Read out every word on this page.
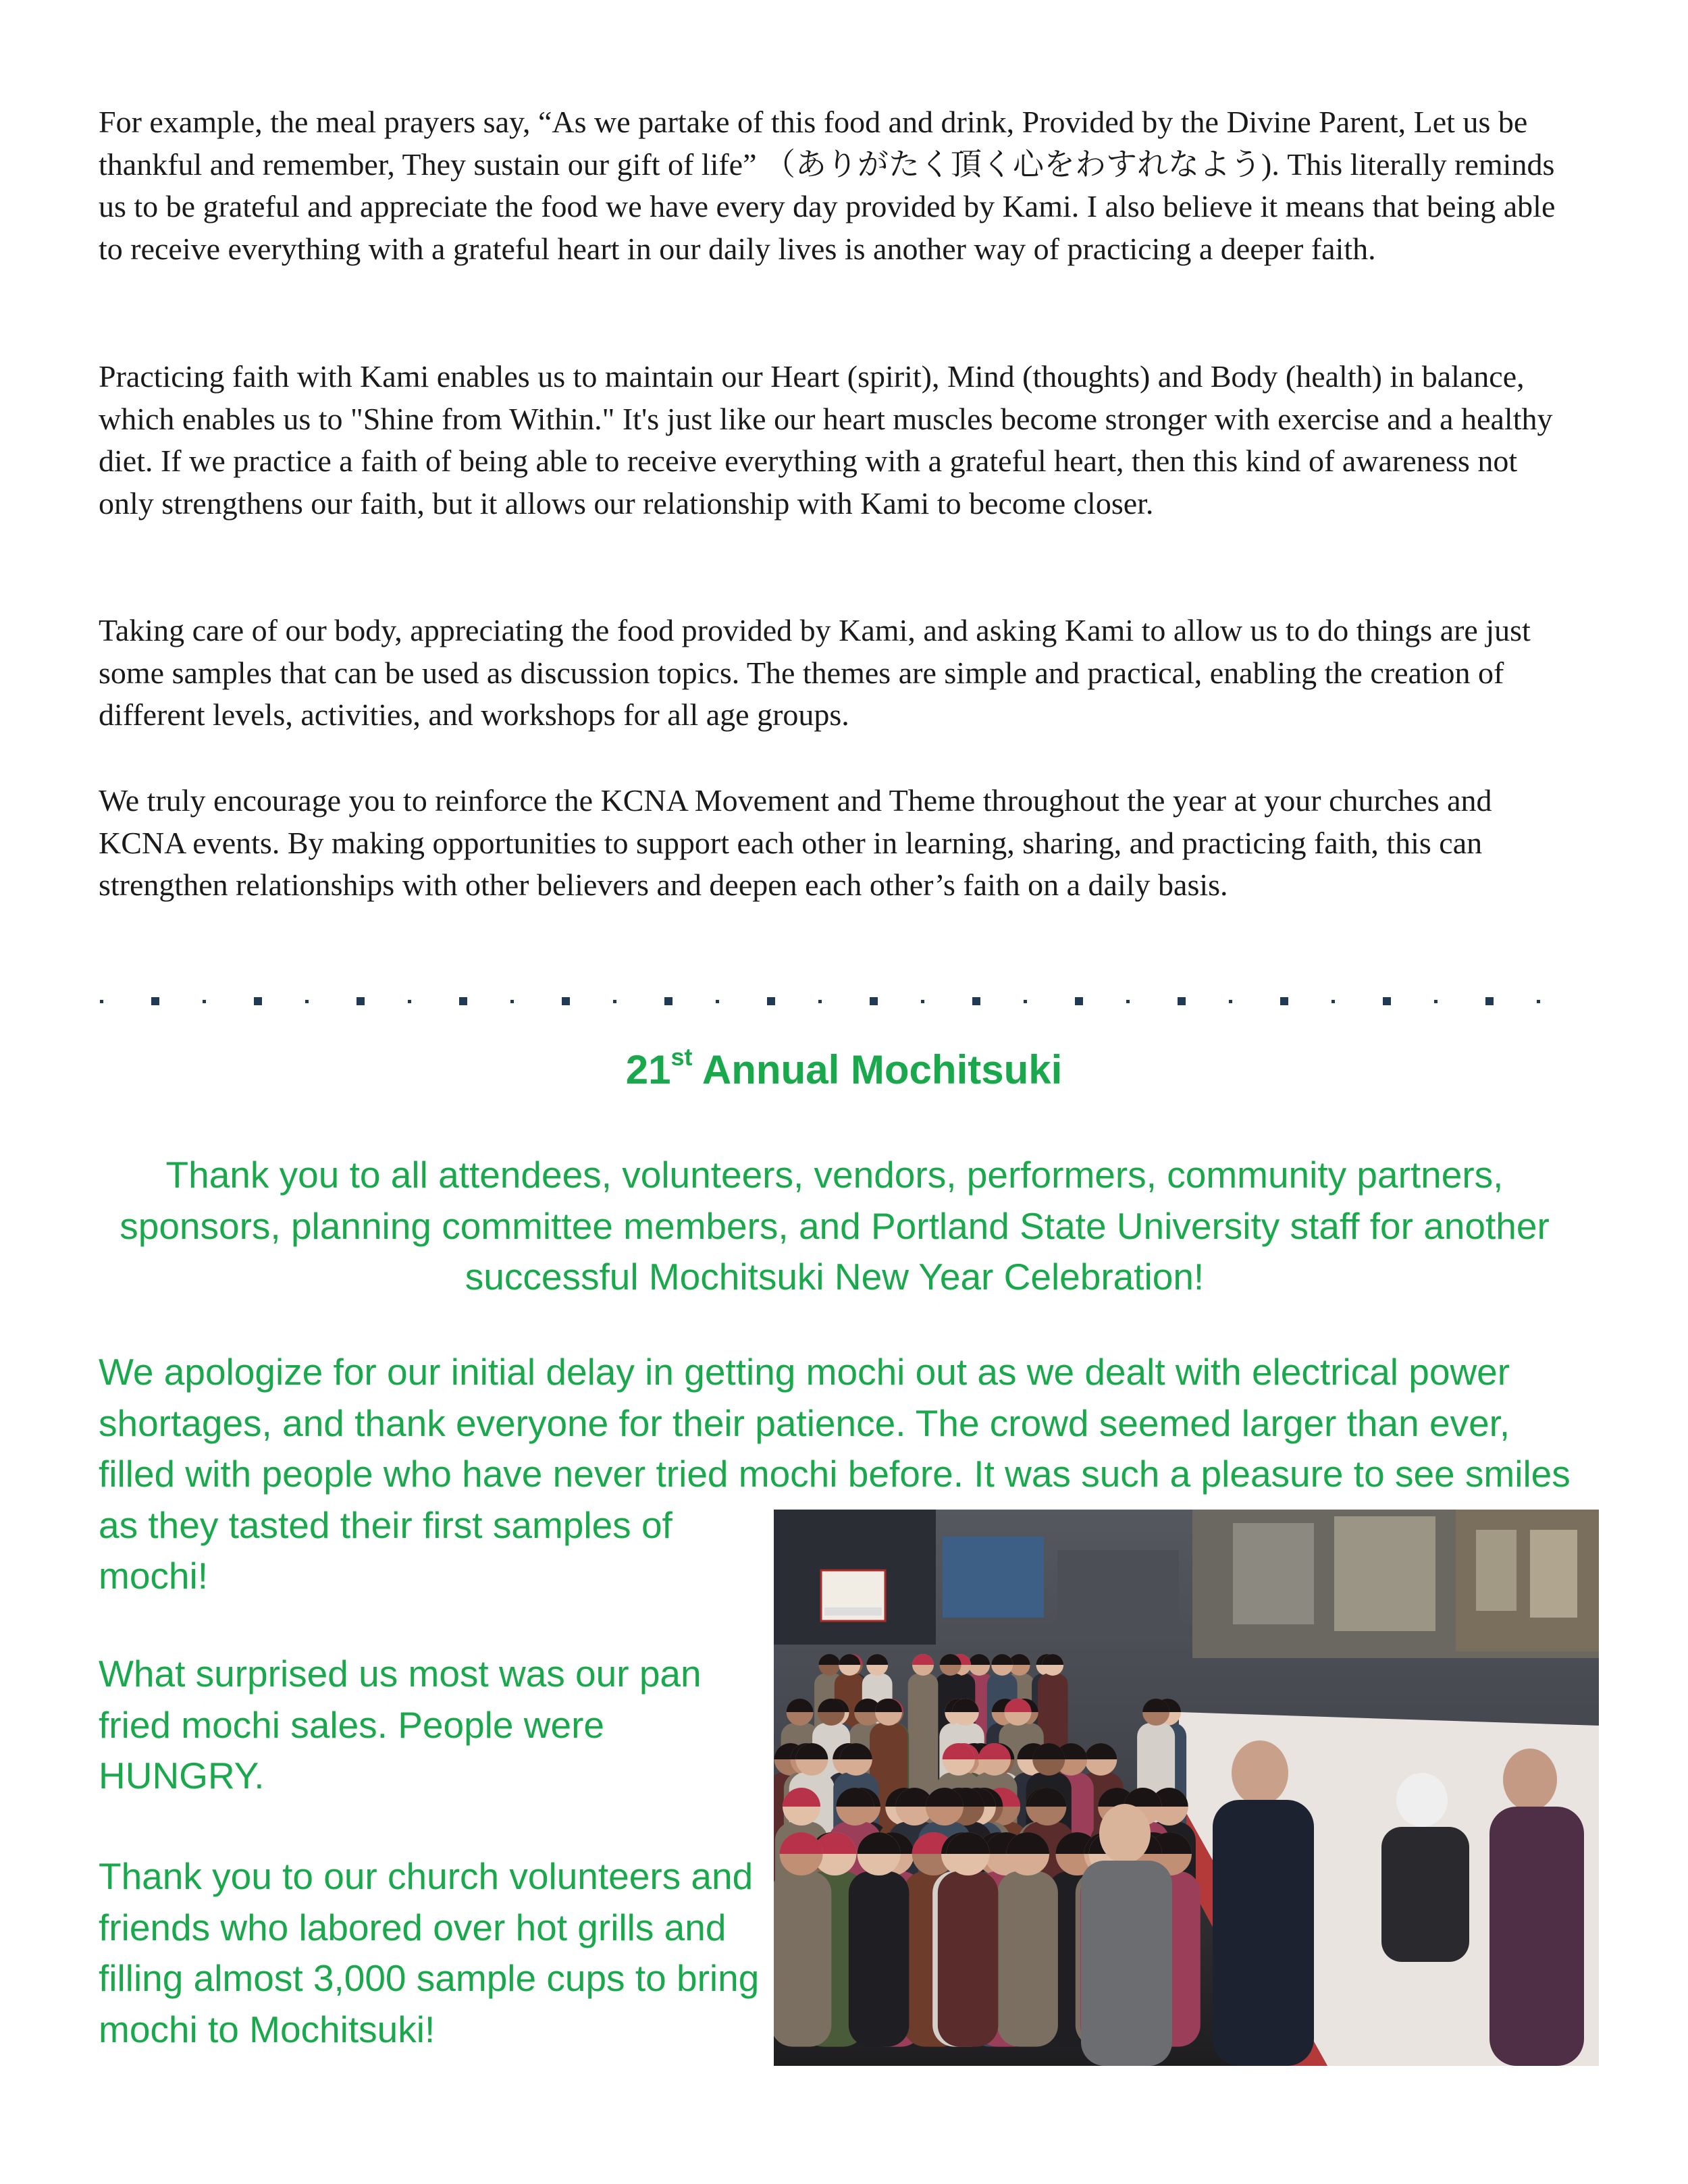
For example, the meal prayers say, “As we partake of this food and drink, Provided by the Divine Parent, Let us be thankful and remember, They sustain our gift of life” （ありがたく頂く心をわすれなよう). This literally reminds us to be grateful and appreciate the food we have every day provided by Kami. I also believe it means that being able to receive everything with a grateful heart in our daily lives is another way of practicing a deeper faith.

Practicing faith with Kami enables us to maintain our Heart (spirit), Mind (thoughts) and Body (health) in balance, which enables us to "Shine from Within." It's just like our heart muscles become stronger with exercise and a healthy diet. If we practice a faith of being able to receive everything with a grateful heart, then this kind of awareness not only strengthens our faith, but it allows our relationship with Kami to become closer.

Taking care of our body, appreciating the food provided by Kami, and asking Kami to allow us to do things are just some samples that can be used as discussion topics. The themes are simple and practical, enabling the creation of different levels, activities, and workshops for all age groups.

We truly encourage you to reinforce the KCNA Movement and Theme throughout the year at your churches and KCNA events. By making opportunities to support each other in learning, sharing, and practicing faith, this can strengthen relationships with other believers and deepen each other’s faith on a daily basis.

21st Annual Mochitsuki

Thank you to all attendees, volunteers, vendors, performers, community partners, sponsors, planning committee members, and Portland State University staff for another successful Mochitsuki New Year Celebration!

We apologize for our initial delay in getting mochi out as we dealt with electrical power
shortages, and thank everyone for their patience. The crowd seemed larger than ever,
filled with people who have never tried mochi before. It was such a pleasure to see smiles
as they tasted their first samples of
mochi!

What surprised us most was our pan fried mochi sales. People were HUNGRY.

Thank you to our church volunteers and friends who labored over hot grills and filling almost 3,000 sample cups to bring mochi to Mochitsuki!
